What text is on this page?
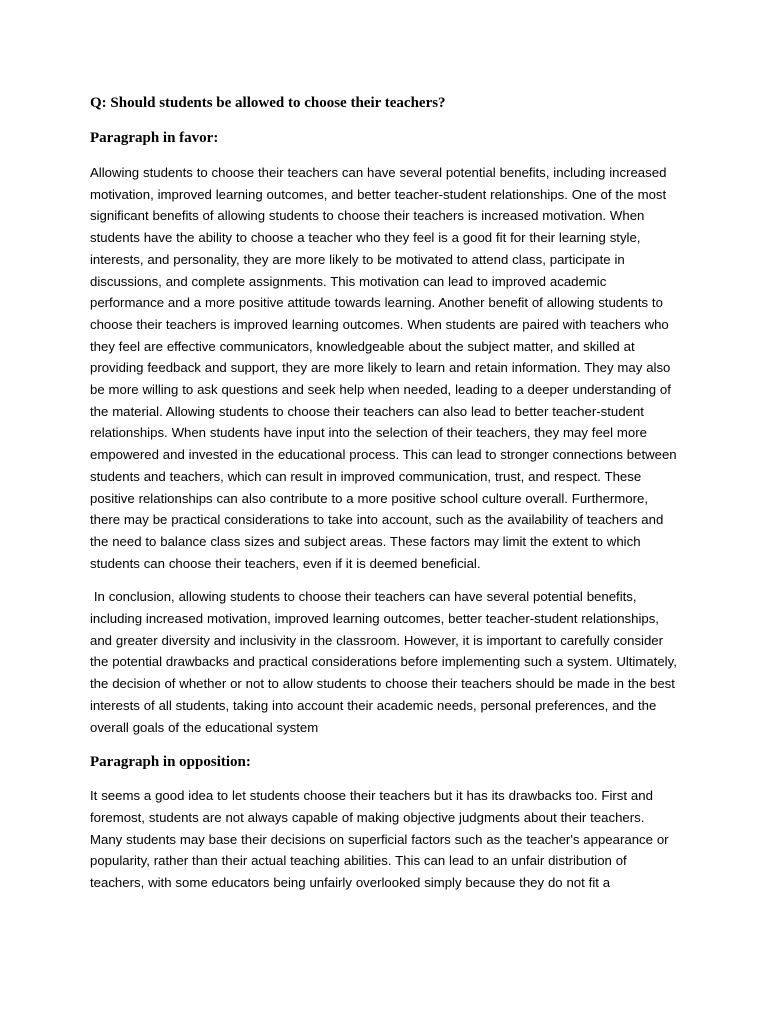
Q: Should students be allowed to choose their teachers?

Paragraph in favor:

Allowing students to choose their teachers can have several potential benefits, including increased motivation, improved learning outcomes, and better teacher-student relationships. One of the most significant benefits of allowing students to choose their teachers is increased motivation. When students have the ability to choose a teacher who they feel is a good fit for their learning style, interests, and personality, they are more likely to be motivated to attend class, participate in discussions, and complete assignments. This motivation can lead to improved academic performance and a more positive attitude towards learning. Another benefit of allowing students to choose their teachers is improved learning outcomes. When students are paired with teachers who they feel are effective communicators, knowledgeable about the subject matter, and skilled at providing feedback and support, they are more likely to learn and retain information. They may also be more willing to ask questions and seek help when needed, leading to a deeper understanding of the material. Allowing students to choose their teachers can also lead to better teacher-student relationships. When students have input into the selection of their teachers, they may feel more empowered and invested in the educational process. This can lead to stronger connections between students and teachers, which can result in improved communication, trust, and respect. These positive relationships can also contribute to a more positive school culture overall. Furthermore, there may be practical considerations to take into account, such as the availability of teachers and the need to balance class sizes and subject areas. These factors may limit the extent to which students can choose their teachers, even if it is deemed beneficial.

In conclusion, allowing students to choose their teachers can have several potential benefits, including increased motivation, improved learning outcomes, better teacher-student relationships, and greater diversity and inclusivity in the classroom. However, it is important to carefully consider the potential drawbacks and practical considerations before implementing such a system. Ultimately, the decision of whether or not to allow students to choose their teachers should be made in the best interests of all students, taking into account their academic needs, personal preferences, and the overall goals of the educational system

Paragraph in opposition:

It seems a good idea to let students choose their teachers but it has its drawbacks too. First and foremost, students are not always capable of making objective judgments about their teachers. Many students may base their decisions on superficial factors such as the teacher's appearance or popularity, rather than their actual teaching abilities. This can lead to an unfair distribution of teachers, with some educators being unfairly overlooked simply because they do not fit a
